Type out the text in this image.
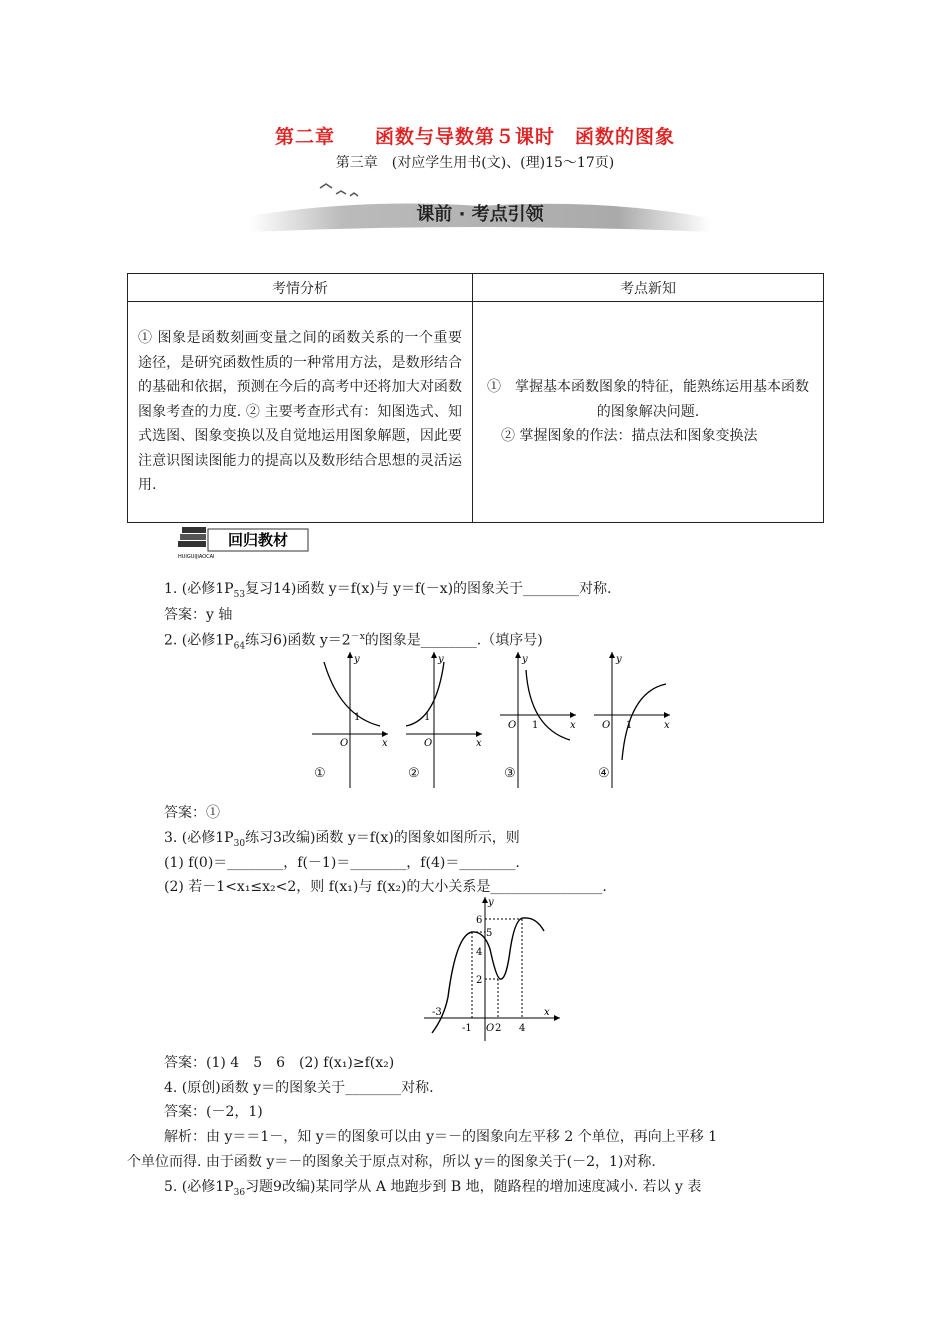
第二章　　函数与导数第５课时　函数的图象
第三章　(对应学生用书(文)、(理)15～17页)
课前 · 考点引领
考情分析	考点新知
① 图象是函数刻画变量之间的函数关系的一个重要途径，是研究函数性质的一种常用方法，是数形结合的基础和依据，预测在今后的高考中还将加大对函数图象考查的力度. ② 主要考查形式有：知图选式、知式选图、图象变换以及自觉地运用图象解题，因此要注意识图读图能力的提高以及数形结合思想的灵活运用.	①　掌握基本函数图象的特征，能熟练运用基本函数的图象解决问题.
② 掌握图象的作法：描点法和图象变换法
回归教材
HUIGUIJIAOCAI
1. (必修$1P_{53}$复习14)函数 y＝f(x)与 y＝f(－x)的图象关于________对称.
答案：y 轴
2. (必修$1P_{64}$练习6)函数 $y=2^{-x}$的图象是________.（填序号)
y
x
O
1
y
x
O
1
y
x
O 1
y
x
O 1
①	②	③	④
答案：①
3. (必修$1P_{30}$练习3改编)函数 y＝f(x)的图象如图所示，则
(1) f(0)＝________，f(－1)＝________，f(4)＝________.
(2) 若－1<x₁≤x₂<2，则 f(x₁)与 f(x₂)的大小关系是________________.
y
x
O
6
5
4
2
-3
-1 2 4
答案：(1) 4　5　6　(2) f(x₁)≥f(x₂)
4. (原创)函数 y＝的图象关于________对称.
答案：(－2，1)
解析：由 y＝＝1－，知 y＝的图象可以由 y＝－的图象向左平移 2 个单位，再向上平移 1
个单位而得. 由于函数 y＝－的图象关于原点对称，所以 y＝的图象关于(－2，1)对称.
5. (必修$1P_{36}$习题9改编)某同学从 A 地跑步到 B 地，随路程的增加速度减小. 若以 y 表
